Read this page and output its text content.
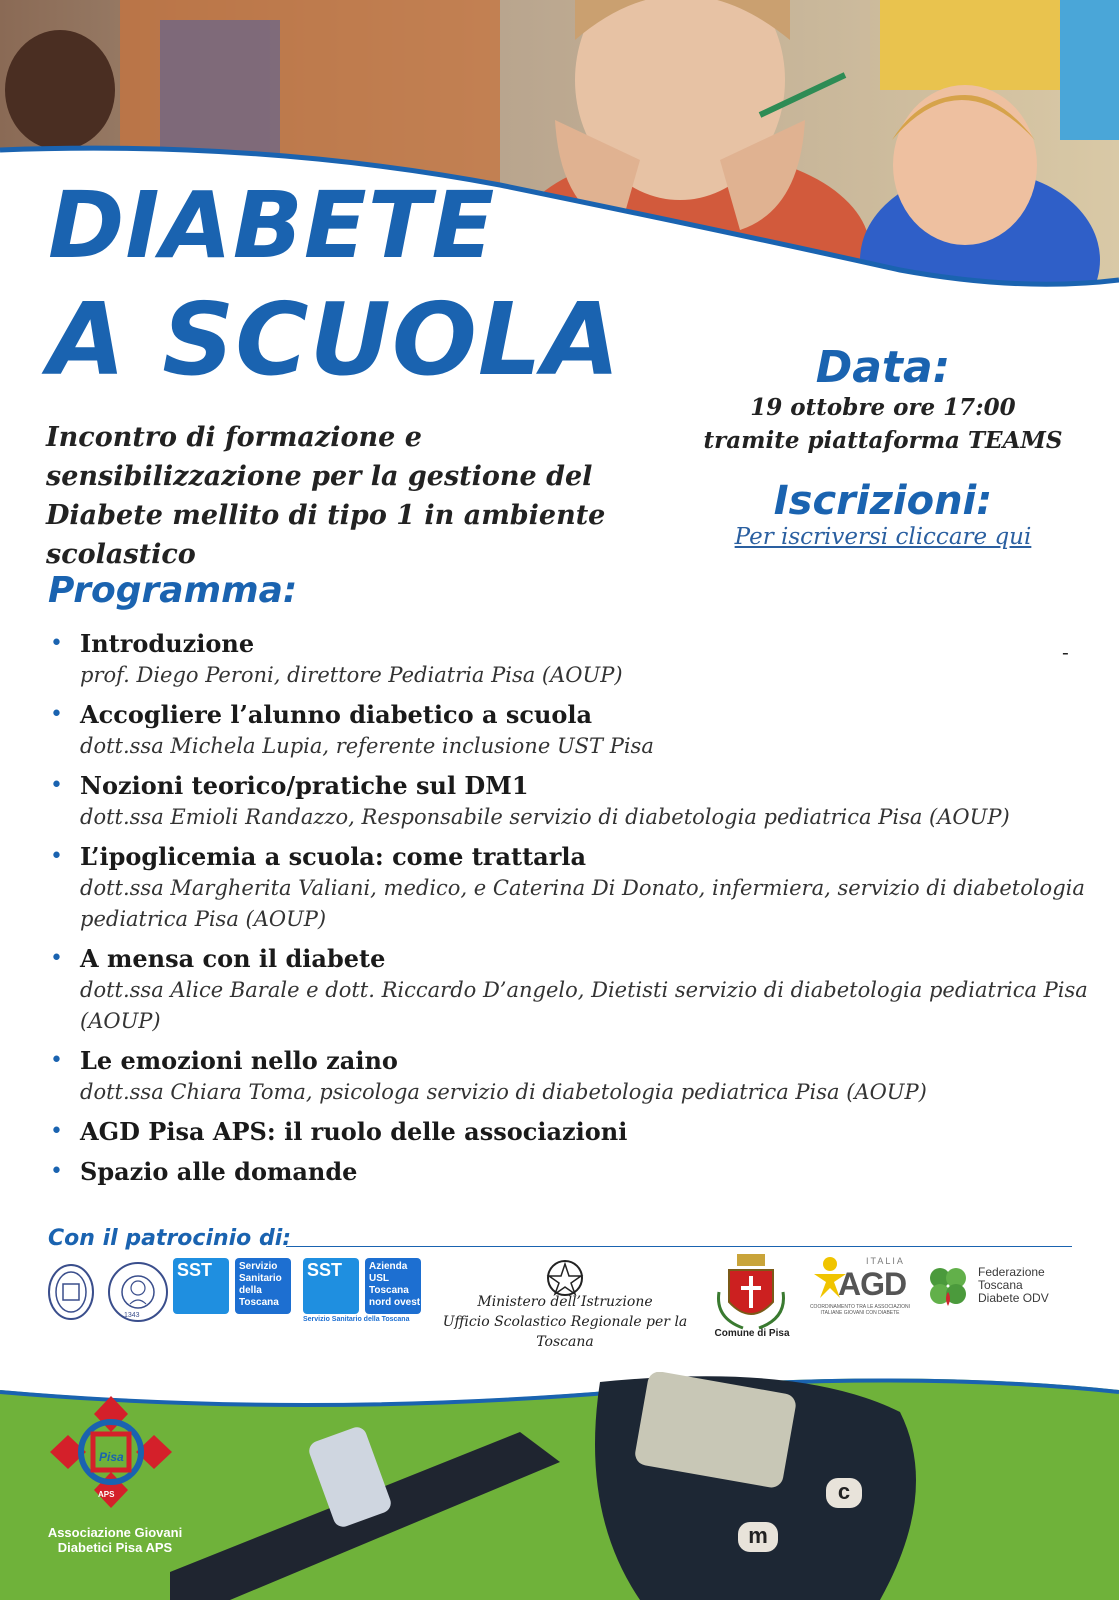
DIABETE
A SCUOLA
Incontro di formazione e sensibilizzazione per la gestione del Diabete mellito di tipo 1 in ambiente scolastico
Data:
19 ottobre ore 17:00
tramite piattaforma TEAMS
Iscrizioni:
Per iscriversi cliccare qui
Programma:
-
• Introduzione
prof. Diego Peroni, direttore Pediatria Pisa (AOUP)
• Accogliere l’alunno diabetico a scuola
dott.ssa Michela Lupia, referente inclusione UST Pisa
• Nozioni teorico/pratiche sul DM1
dott.ssa Emioli Randazzo, Responsabile servizio di diabetologia pediatrica Pisa (AOUP)
• L’ipoglicemia a scuola: come trattarla
dott.ssa Margherita Valiani, medico, e Caterina Di Donato, infermiera, servizio di diabetologia pediatrica Pisa (AOUP)
• A mensa con il diabete
dott.ssa Alice Barale e dott. Riccardo D’angelo, Dietisti servizio di diabetologia pediatrica Pisa (AOUP)
• Le emozioni nello zaino
dott.ssa Chiara Toma, psicologa servizio di diabetologia pediatrica Pisa (AOUP)
• AGD Pisa APS: il ruolo delle associazioni
• Spazio alle domande
Con il patrocinio di:
1343
SST	Servizio
Sanitario
della
Toscana
SST	Azienda
USL
Toscana
nord ovest
Servizio Sanitario della Toscana
Ministero dell’Istruzione
Ufficio Scolastico Regionale per la Toscana
Comune di Pisa
ITALIA
AGD
COORDINAMENTO TRA LE ASSOCIAZIONI ITALIANE GIOVANI CON DIABETE
Federazione
Toscana
Diabete ODV
c
m
Pisa
APS
Associazione Giovani
Diabetici Pisa APS
